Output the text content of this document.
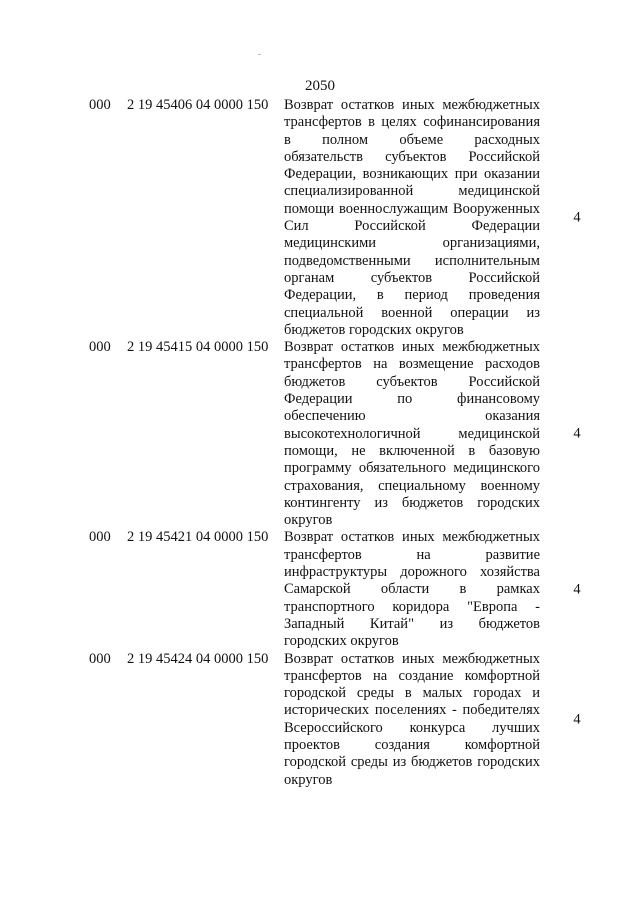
2050
000 2 19 45406 04 0000 150 Возврат остатков иных межбюджетных
трансфертов в целях софинансирования
в полном объеме расходных
обязательств субъектов Российской
Федерации, возникающих при оказании
специализированной медицинской
помощи военнослужащим Вооруженных
Сил Российской Федерации
медицинскими организациями,
подведомственными исполнительным
органам субъектов Российской
Федерации, в период проведения
специальной военной операции из
бюджетов городских округов
4
000 2 19 45415 04 0000 150 Возврат остатков иных межбюджетных
трансфертов на возмещение расходов
бюджетов субъектов Российской
Федерации по финансовому
обеспечению оказания
высокотехнологичной медицинской
помощи, не включенной в базовую
программу обязательного медицинского
страхования, специальному военному
контингенту из бюджетов городских
округов
4
000 2 19 45421 04 0000 150 Возврат остатков иных межбюджетных
трансфертов на развитие
инфраструктуры дорожного хозяйства
Самарской области в рамках
транспортного коридора "Европа -
Западный Китай" из бюджетов
городских округов
4
000 2 19 45424 04 0000 150 Возврат остатков иных межбюджетных
трансфертов на создание комфортной
городской среды в малых городах и
исторических поселениях - победителях
Всероссийского конкурса лучших
проектов создания комфортной
городской среды из бюджетов городских
округов
4
